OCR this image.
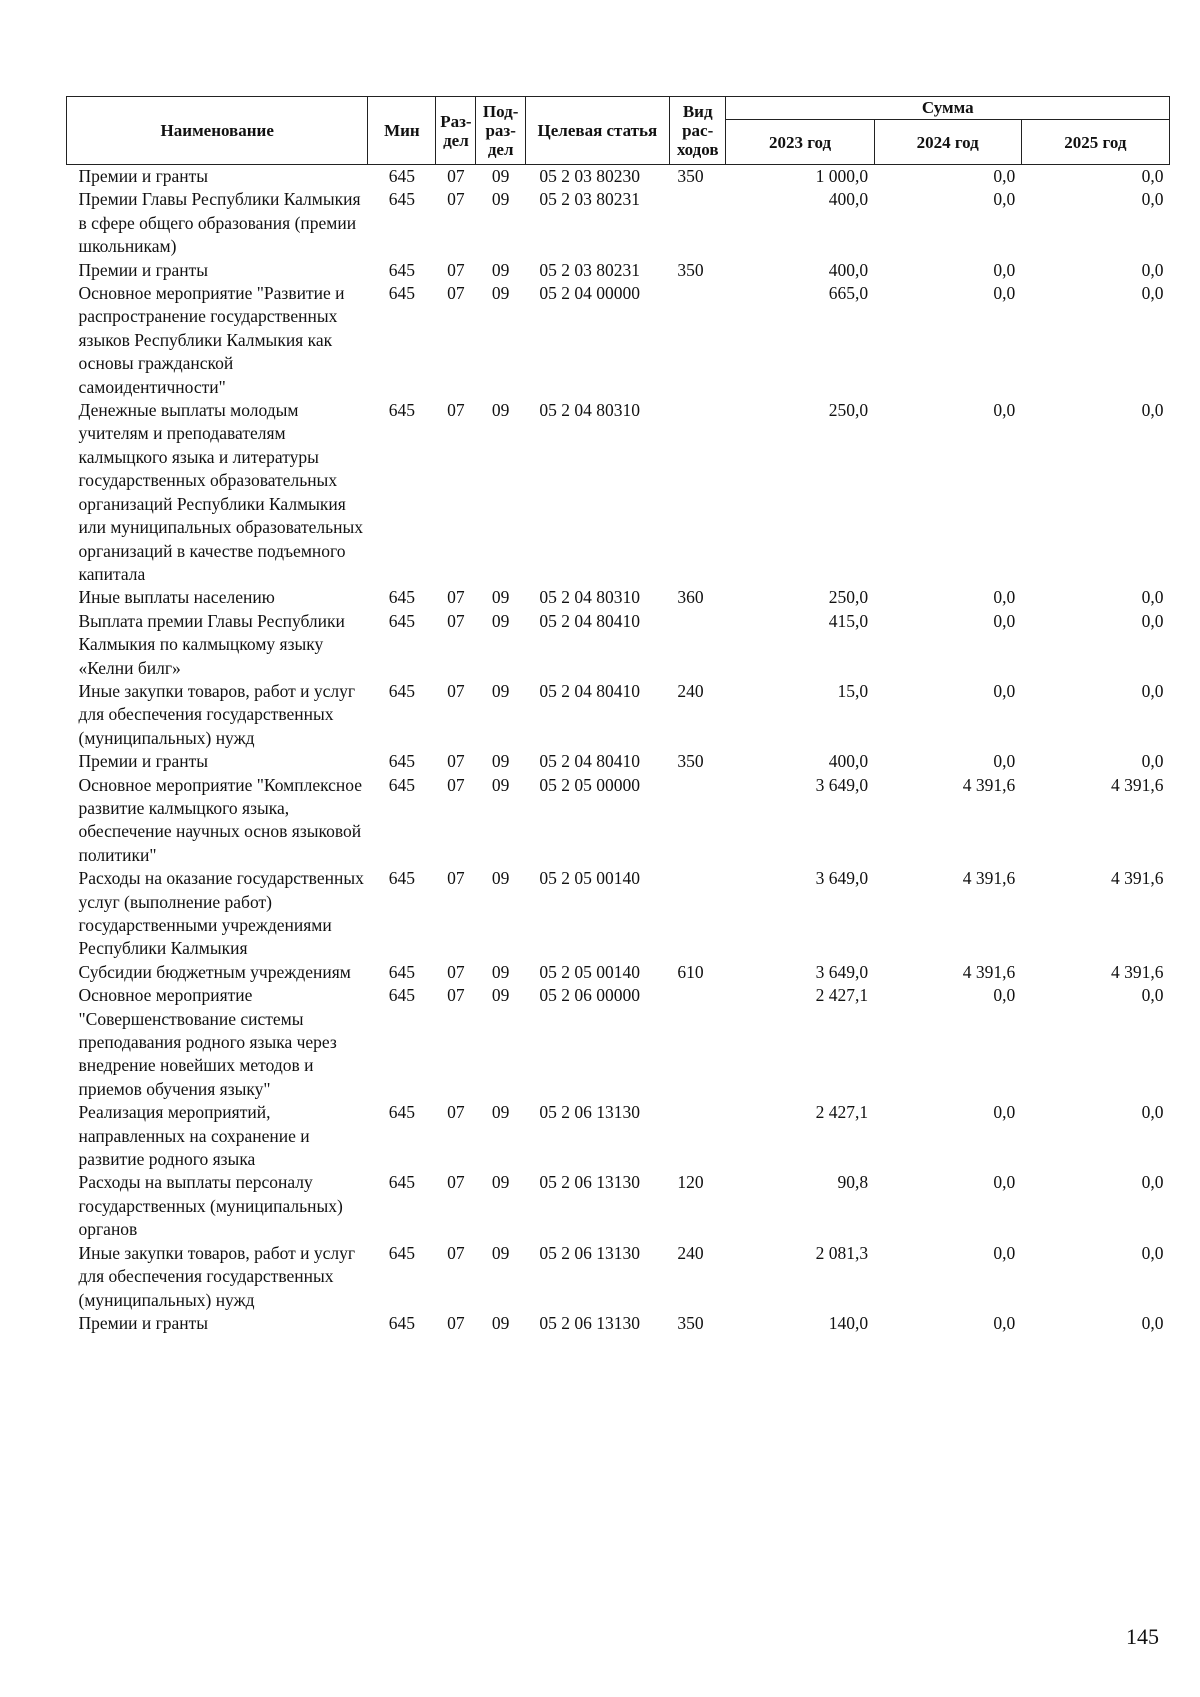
Наименование	Мин	Раз-дел	Под-раз-дел	Целевая статья	Вид рас-ходов	Сумма		
						2023 год	2024 год	2025 год
Премии и гранты	645	07	09	05 2 03 80230	350	1 000,0	0,0	0,0
Премии Главы Республики Калмыкия в сфере общего образования (премии школьникам)	645	07	09	05 2 03 80231		400,0	0,0	0,0
Премии и гранты	645	07	09	05 2 03 80231	350	400,0	0,0	0,0
Основное мероприятие "Развитие и распространение государственных языков Республики Калмыкия как основы гражданской самоидентичности"	645	07	09	05 2 04 00000		665,0	0,0	0,0
Денежные выплаты молодым учителям и преподавателям калмыцкого языка и литературы государственных образовательных организаций Республики Калмыкия или муниципальных образовательных организаций в качестве подъемного капитала	645	07	09	05 2 04 80310		250,0	0,0	0,0
Иные выплаты населению	645	07	09	05 2 04 80310	360	250,0	0,0	0,0
Выплата премии Главы Республики Калмыкия по калмыцкому языку «Келни билг»	645	07	09	05 2 04 80410		415,0	0,0	0,0
Иные закупки товаров, работ и услуг для обеспечения государственных (муниципальных) нужд	645	07	09	05 2 04 80410	240	15,0	0,0	0,0
Премии и гранты	645	07	09	05 2 04 80410	350	400,0	0,0	0,0
Основное мероприятие "Комплексное развитие калмыцкого языка, обеспечение научных основ языковой политики"	645	07	09	05 2 05 00000		3 649,0	4 391,6	4 391,6
Расходы на оказание государственных услуг (выполнение работ) государственными учреждениями Республики Калмыкия	645	07	09	05 2 05 00140		3 649,0	4 391,6	4 391,6
Субсидии бюджетным учреждениям	645	07	09	05 2 05 00140	610	3 649,0	4 391,6	4 391,6
Основное мероприятие "Совершенствование системы преподавания родного языка через внедрение новейших методов и приемов обучения языку"	645	07	09	05 2 06 00000		2 427,1	0,0	0,0
Реализация мероприятий, направленных на сохранение и развитие родного языка	645	07	09	05 2 06 13130		2 427,1	0,0	0,0
Расходы на выплаты персоналу государственных (муниципальных) органов	645	07	09	05 2 06 13130	120	90,8	0,0	0,0
Иные закупки товаров, работ и услуг для обеспечения государственных (муниципальных) нужд	645	07	09	05 2 06 13130	240	2 081,3	0,0	0,0
Премии и гранты	645	07	09	05 2 06 13130	350	140,0	0,0	0,0
145
